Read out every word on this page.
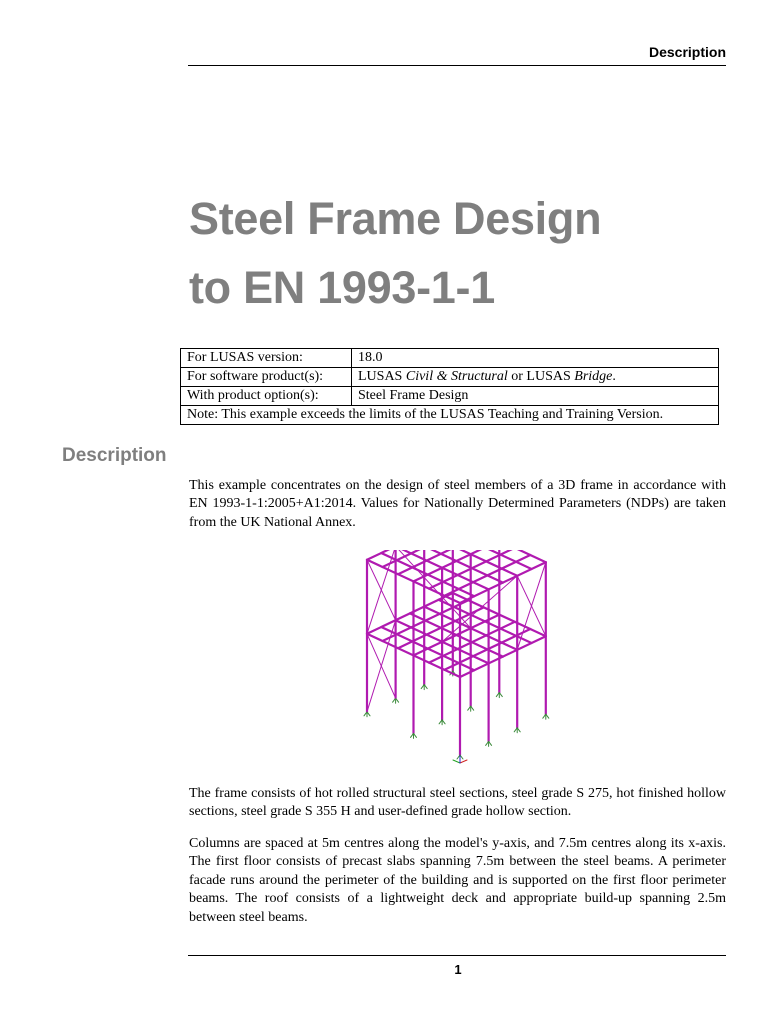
Description
Steel Frame Design
to EN 1993-1-1
For LUSAS version:	18.0
For software product(s):	LUSAS Civil & Structural or LUSAS Bridge.
With product option(s):	Steel Frame Design
Note: This example exceeds the limits of the LUSAS Teaching and Training Version.	
Description

This example concentrates on the design of steel members of a 3D frame in accordance with EN 1993-1-1:2005+A1:2014. Values for Nationally Determined Parameters (NDPs) are taken from the UK National Annex.

The frame consists of hot rolled structural steel sections, steel grade S 275, hot finished hollow sections, steel grade S 355 H and user-defined grade hollow section.

Columns are spaced at 5m centres along the model's y-axis, and 7.5m centres along its x-axis. The first floor consists of precast slabs spanning 7.5m between the steel beams. A perimeter facade runs around the perimeter of the building and is supported on the first floor perimeter beams. The roof consists of a lightweight deck and appropriate build-up spanning 2.5m between steel beams.

1
